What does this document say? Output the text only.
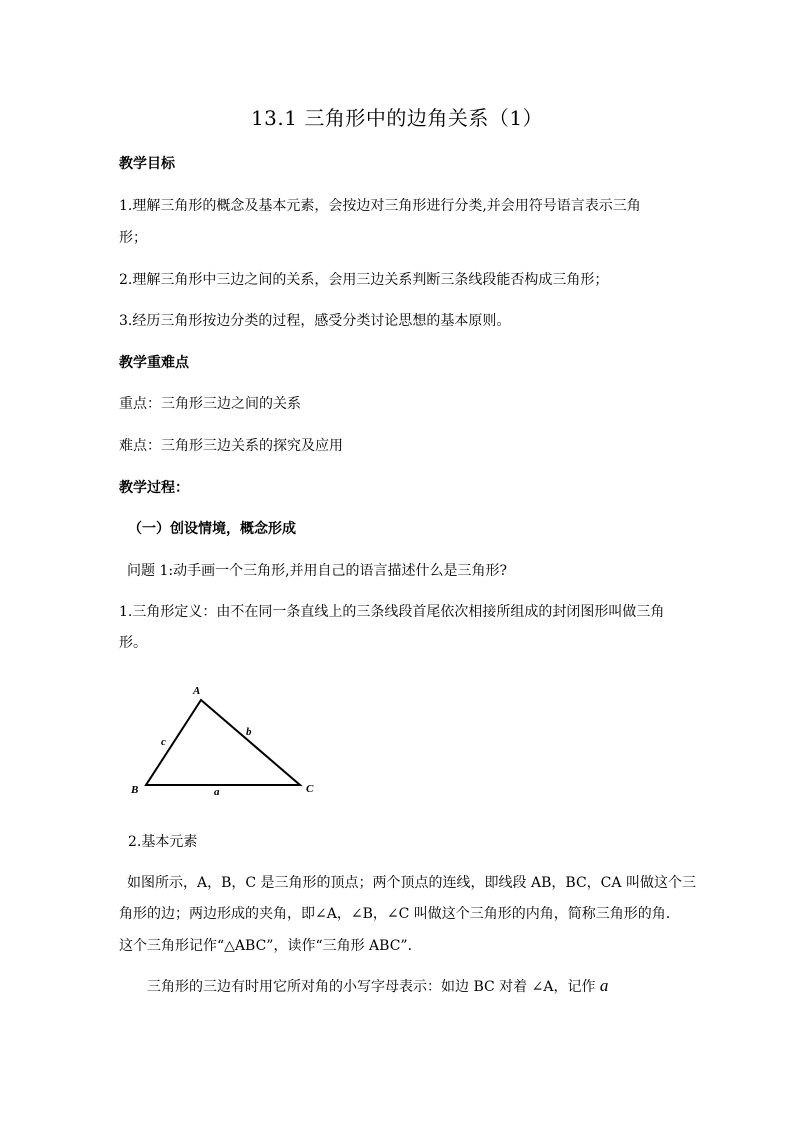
13.1 三角形中的边角关系（1）
教学目标
1.理解三角形的概念及基本元素，会按边对三角形进行分类,并会用符号语言表示三角
形；
2.理解三角形中三边之间的关系，会用三边关系判断三条线段能否构成三角形；
3.经历三角形按边分类的过程，感受分类讨论思想的基本原则。
教学重难点
重点：三角形三边之间的关系
难点：三角形三边关系的探究及应用
教学过程：
（一）创设情境，概念形成
问题 1:动手画一个三角形,并用自己的语言描述什么是三角形?
1.三角形定义：由不在同一条直线上的三条线段首尾依次相接所组成的封闭图形叫做三角
形。
A
B	C
a
b
c
2.基本元素
如图所示，A，B，C 是三角形的顶点；两个顶点的连线，即线段 AB，BC，CA 叫做这个三
角形的边；两边形成的夹角，即∠A，∠B，∠C 叫做这个三角形的内角，简称三角形的角.
这个三角形记作“△ABC”，读作“三角形 ABC”．
三角形的三边有时用它所对角的小写字母表示：如边 BC 对着 ∠A，记作 a
